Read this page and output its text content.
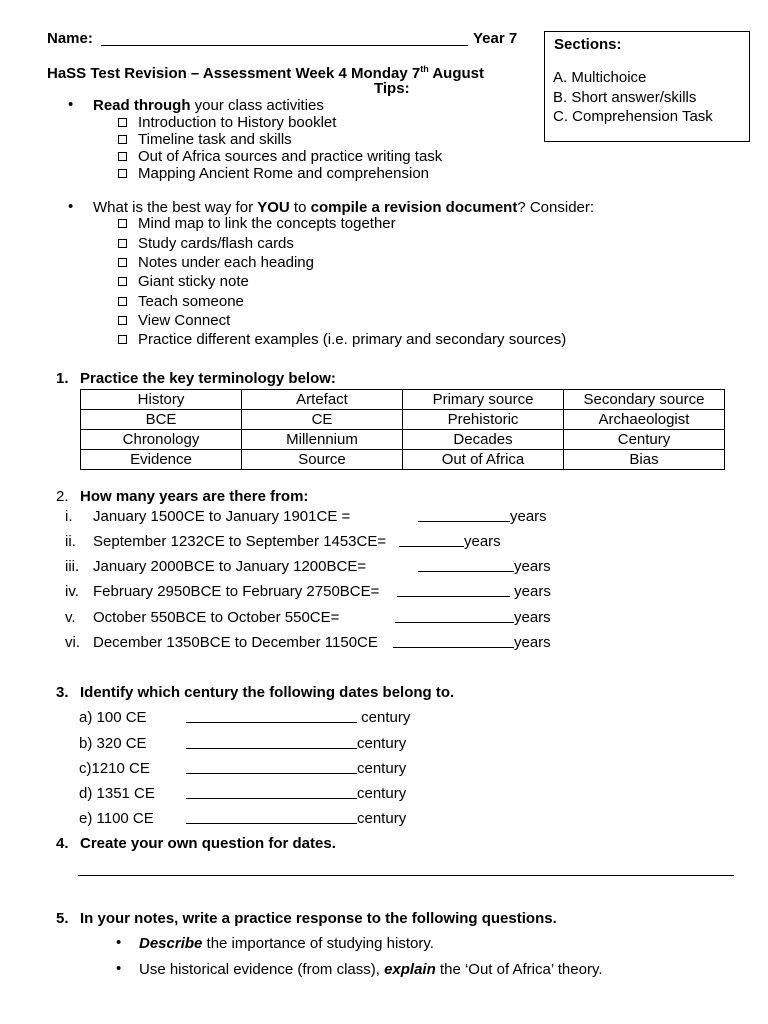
Name:	Year 7
HaSS Test Revision – Assessment Week 4 Monday 7th August
Tips:
Sections:
A. Multichoice
B. Short answer/skills
C. Comprehension Task
• Read through your class activities
Introduction to History booklet
Timeline task and skills
Out of Africa sources and practice writing task
Mapping Ancient Rome and comprehension
• What is the best way for YOU to compile a revision document? Consider:
Mind map to link the concepts together
Study cards/flash cards
Notes under each heading
Giant sticky note
Teach someone
View Connect
Practice different examples (i.e. primary and secondary sources)
1. Practice the key terminology below:
History	Artefact	Primary source	Secondary source
BCE	CE	Prehistoric	Archaeologist
Chronology	Millennium	Decades	Century
Evidence	Source	Out of Africa	Bias
2. How many years are there from:
i. January 1500CE to January 1901CE =	years
ii. September 1232CE to September 1453CE=	years
iii. January 2000BCE to January 1200BCE=	years
iv. February 2950BCE to February 2750BCE=	years
v. October 550BCE to October 550CE=	years
vi. December 1350BCE to December 1150CE	years
3. Identify which century the following dates belong to.
a) 100 CE	century
b) 320 CE	century
c)1210 CE	century
d) 1351 CE	century
e) 1100 CE	century
4. Create your own question for dates.
5. In your notes, write a practice response to the following questions.
• Describe the importance of studying history.
• Use historical evidence (from class), explain the ‘Out of Africa’ theory.
